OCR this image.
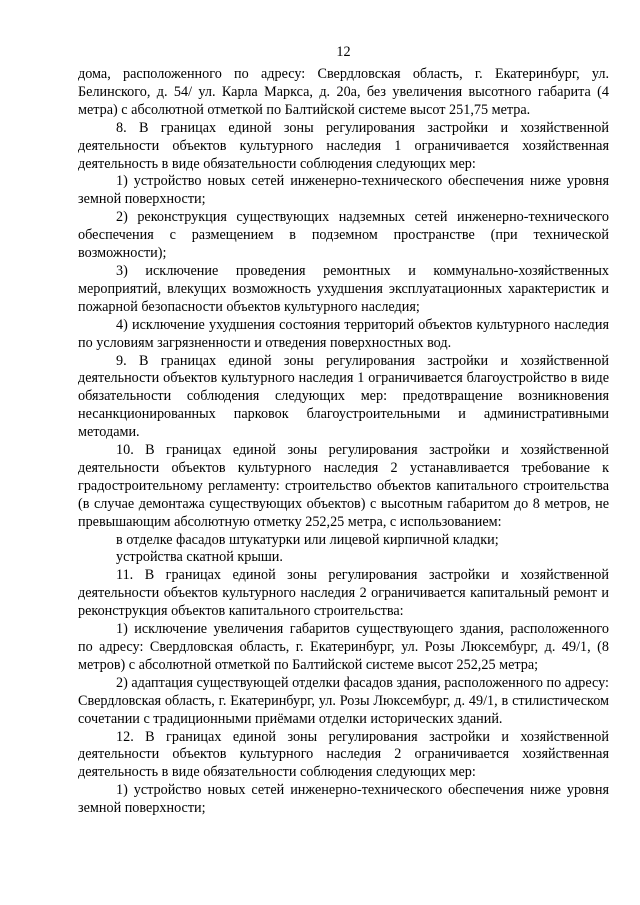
12

дома, расположенного по адресу: Свердловская область, г. Екатеринбург, ул. Белинского, д. 54/ ул. Карла Маркса, д. 20а, без увеличения высотного габарита (4 метра) с абсолютной отметкой по Балтийской системе высот 251,75 метра.

8. В границах единой зоны регулирования застройки и хозяйственной деятельности объектов культурного наследия 1 ограничивается хозяйственная деятельность в виде обязательности соблюдения следующих мер:

1) устройство новых сетей инженерно-технического обеспечения ниже уровня земной поверхности;

2) реконструкция существующих надземных сетей инженерно-технического обеспечения с размещением в подземном пространстве (при технической возможности);

3) исключение проведения ремонтных и коммунально-хозяйственных мероприятий, влекущих возможность ухудшения эксплуатационных характеристик и пожарной безопасности объектов культурного наследия;

4) исключение ухудшения состояния территорий объектов культурного наследия по условиям загрязненности и отведения поверхностных вод.

9. В границах единой зоны регулирования застройки и хозяйственной деятельности объектов культурного наследия 1 ограничивается благоустройство в виде обязательности соблюдения следующих мер: предотвращение возникновения несанкционированных парковок благоустроительными и административными методами.

10. В границах единой зоны регулирования застройки и хозяйственной деятельности объектов культурного наследия 2 устанавливается требование к градостроительному регламенту: строительство объектов капитального строительства (в случае демонтажа существующих объектов) с высотным габаритом до 8 метров, не превышающим абсолютную отметку 252,25 метра, с использованием:

в отделке фасадов штукатурки или лицевой кирпичной кладки;

устройства скатной крыши.

11. В границах единой зоны регулирования застройки и хозяйственной деятельности объектов культурного наследия 2 ограничивается капитальный ремонт и реконструкция объектов капитального строительства:

1) исключение увеличения габаритов существующего здания, расположенного по адресу: Свердловская область, г. Екатеринбург, ул. Розы Люксембург, д. 49/1, (8 метров) с абсолютной отметкой по Балтийской системе высот 252,25 метра;

2) адаптация существующей отделки фасадов здания, расположенного по адресу: Свердловская область, г. Екатеринбург, ул. Розы Люксембург, д. 49/1, в стилистическом сочетании с традиционными приёмами отделки исторических зданий.

12. В границах единой зоны регулирования застройки и хозяйственной деятельности объектов культурного наследия 2 ограничивается хозяйственная деятельность в виде обязательности соблюдения следующих мер:

1) устройство новых сетей инженерно-технического обеспечения ниже уровня земной поверхности;
